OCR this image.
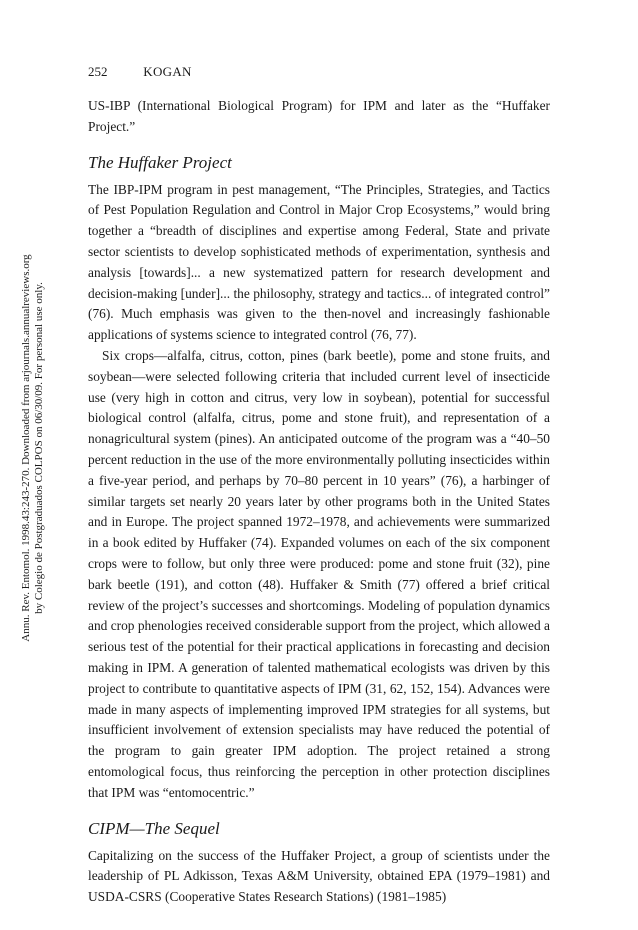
252	KOGAN
Annu. Rev. Entomol. 1998.43:243-270. Downloaded from arjournals.annualreviews.org by Colegio de Postgraduados COLPOS on 06/30/09. For personal use only.

US-IBP (International Biological Program) for IPM and later as the “Huffaker Project.”

The Huffaker Project

The IBP-IPM program in pest management, “The Principles, Strategies, and Tactics of Pest Population Regulation and Control in Major Crop Ecosystems,” would bring together a “breadth of disciplines and expertise among Federal, State and private sector scientists to develop sophisticated methods of experimentation, synthesis and analysis [towards]... a new systematized pattern for research development and decision-making [under]... the philosophy, strategy and tactics... of integrated control” (76). Much emphasis was given to the then-novel and increasingly fashionable applications of systems science to integrated control (76, 77).

Six crops—alfalfa, citrus, cotton, pines (bark beetle), pome and stone fruits, and soybean—were selected following criteria that included current level of insecticide use (very high in cotton and citrus, very low in soybean), potential for successful biological control (alfalfa, citrus, pome and stone fruit), and representation of a nonagricultural system (pines). An anticipated outcome of the program was a “40–50 percent reduction in the use of the more environmentally polluting insecticides within a five-year period, and perhaps by 70–80 percent in 10 years” (76), a harbinger of similar targets set nearly 20 years later by other programs both in the United States and in Europe. The project spanned 1972–1978, and achievements were summarized in a book edited by Huffaker (74). Expanded volumes on each of the six component crops were to follow, but only three were produced: pome and stone fruit (32), pine bark beetle (191), and cotton (48). Huffaker & Smith (77) offered a brief critical review of the project’s successes and shortcomings. Modeling of population dynamics and crop phenologies received considerable support from the project, which allowed a serious test of the potential for their practical applications in forecasting and decision making in IPM. A generation of talented mathematical ecologists was driven by this project to contribute to quantitative aspects of IPM (31, 62, 152, 154). Advances were made in many aspects of implementing improved IPM strategies for all systems, but insufficient involvement of extension specialists may have reduced the potential of the program to gain greater IPM adoption. The project retained a strong entomological focus, thus reinforcing the perception in other protection disciplines that IPM was “entomocentric.”

CIPM—The Sequel

Capitalizing on the success of the Huffaker Project, a group of scientists under the leadership of PL Adkisson, Texas A&M University, obtained EPA (1979–1981) and USDA-CSRS (Cooperative States Research Stations) (1981–1985)
